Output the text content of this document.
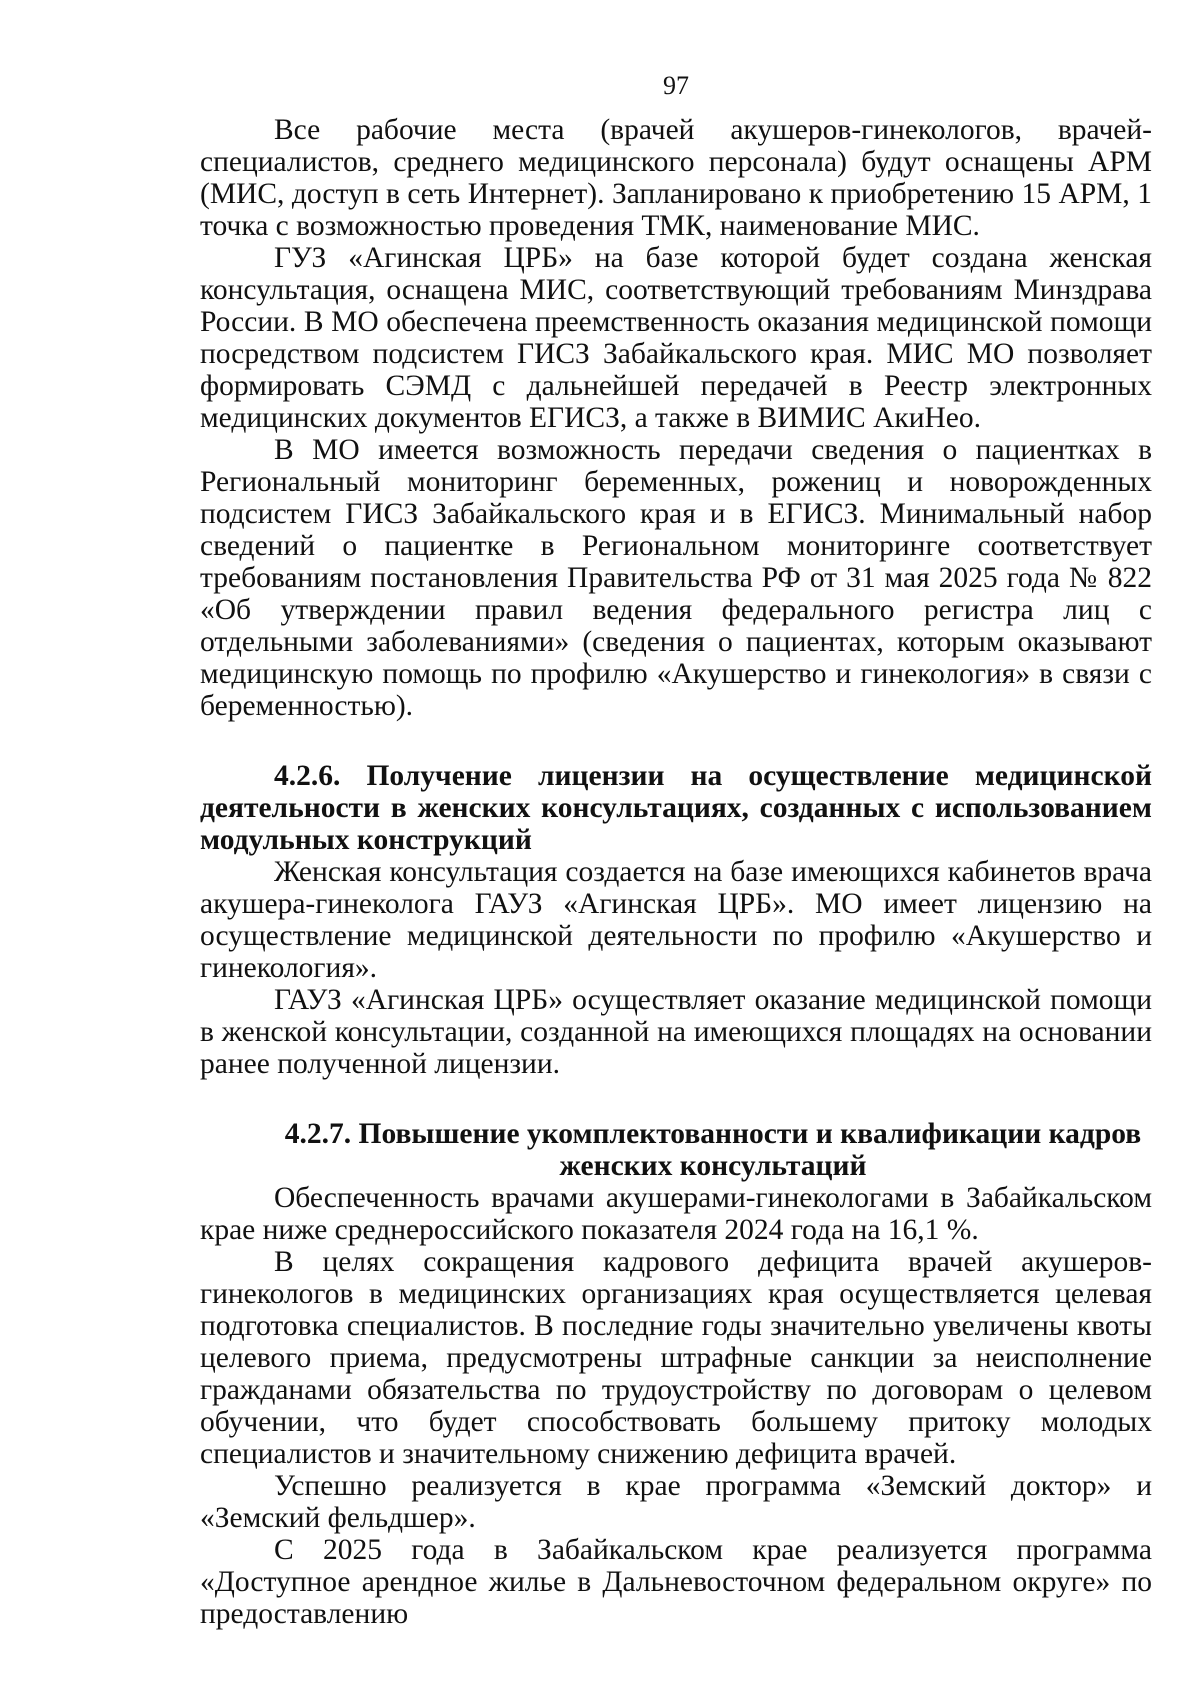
97

Все рабочие места (врачей акушеров-гинекологов, врачей-специалистов, среднего медицинского персонала) будут оснащены АРМ (МИС, доступ в сеть Интернет). Запланировано к приобретению 15 АРМ, 1 точка с возможностью проведения ТМК, наименование МИС.

ГУЗ «Агинская ЦРБ» на базе которой будет создана женская консультация, оснащена МИС, соответствующий требованиям Минздрава России. В МО обеспечена преемственность оказания медицинской помощи посредством подсистем ГИСЗ Забайкальского края. МИС МО позволяет формировать СЭМД с дальнейшей передачей в Реестр электронных медицинских документов ЕГИСЗ, а также в ВИМИС АкиНео.

В МО имеется возможность передачи сведения о пациентках в Региональный мониторинг беременных, рожениц и новорожденных подсистем ГИСЗ Забайкальского края и в ЕГИСЗ. Минимальный набор сведений о пациентке в Региональном мониторинге соответствует требованиям постановления Правительства РФ от 31 мая 2025 года № 822 «Об утверждении правил ведения федерального регистра лиц с отдельными заболеваниями» (сведения о пациентах, которым оказывают медицинскую помощь по профилю «Акушерство и гинекология» в связи с беременностью).

4.2.6. Получение лицензии на осуществление медицинской деятельности в женских консультациях, созданных с использованием модульных конструкций

Женская консультация создается на базе имеющихся кабинетов врача акушера-гинеколога ГАУЗ «Агинская ЦРБ». МО имеет лицензию на осуществление медицинской деятельности по профилю «Акушерство и гинекология».

ГАУЗ «Агинская ЦРБ» осуществляет оказание медицинской помощи в женской консультации, созданной на имеющихся площадях на основании ранее полученной лицензии.

4.2.7. Повышение укомплектованности и квалификации кадров женских консультаций

Обеспеченность врачами акушерами-гинекологами в Забайкальском крае ниже среднероссийского показателя 2024 года на 16,1 %.

В целях сокращения кадрового дефицита врачей акушеров-гинекологов в медицинских организациях края осуществляется целевая подготовка специалистов. В последние годы значительно увеличены квоты целевого приема, предусмотрены штрафные санкции за неисполнение гражданами обязательства по трудоустройству по договорам о целевом обучении, что будет способствовать большему притоку молодых специалистов и значительному снижению дефицита врачей.

Успешно реализуется в крае программа «Земский доктор» и «Земский фельдшер».

С 2025 года в Забайкальском крае реализуется программа «Доступное арендное жилье в Дальневосточном федеральном округе» по предоставлению
